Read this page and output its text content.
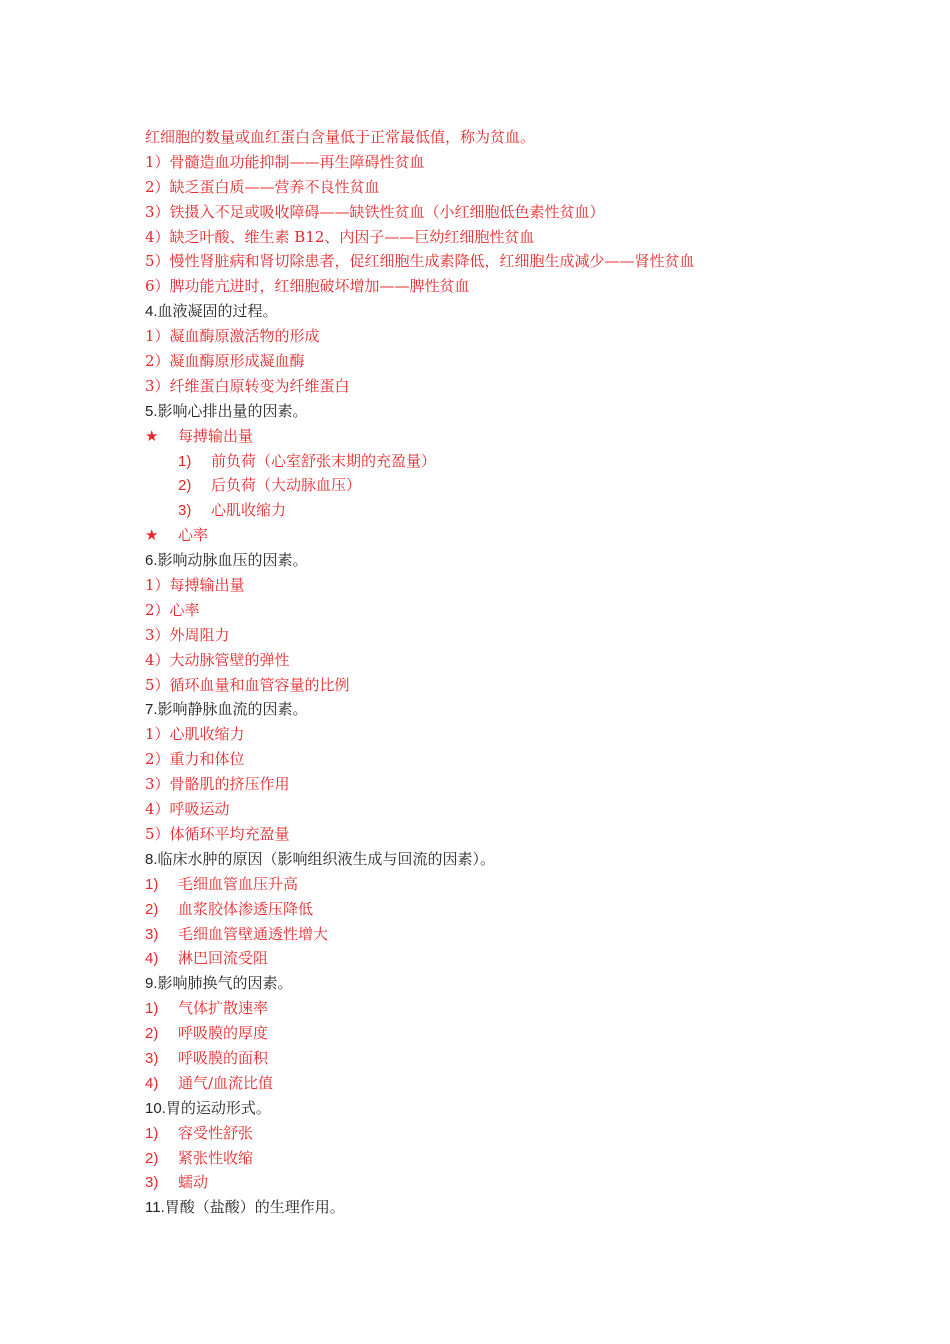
红细胞的数量或血红蛋白含量低于正常最低值，称为贫血。
1）骨髓造血功能抑制——再生障碍性贫血
2）缺乏蛋白质——营养不良性贫血
3）铁摄入不足或吸收障碍——缺铁性贫血（小红细胞低色素性贫血）
4）缺乏叶酸、维生素 B12、内因子——巨幼红细胞性贫血
5）慢性肾脏病和肾切除患者，促红细胞生成素降低，红细胞生成减少——肾性贫血
6）脾功能亢进时，红细胞破坏增加——脾性贫血
4.血液凝固的过程。
1）凝血酶原激活物的形成
2）凝血酶原形成凝血酶
3）纤维蛋白原转变为纤维蛋白
5.影响心排出量的因素。
★ 每搏输出量
1) 前负荷（心室舒张末期的充盈量）
2) 后负荷（大动脉血压）
3) 心肌收缩力
★ 心率
6.影响动脉血压的因素。
1）每搏输出量
2）心率
3）外周阻力
4）大动脉管壁的弹性
5）循环血量和血管容量的比例
7.影响静脉血流的因素。
1）心肌收缩力
2）重力和体位
3）骨骼肌的挤压作用
4）呼吸运动
5）体循环平均充盈量
8.临床水肿的原因（影响组织液生成与回流的因素）。
1) 毛细血管血压升高
2) 血浆胶体渗透压降低
3) 毛细血管壁通透性增大
4) 淋巴回流受阻
9.影响肺换气的因素。
1) 气体扩散速率
2) 呼吸膜的厚度
3) 呼吸膜的面积
4) 通气/血流比值
10.胃的运动形式。
1) 容受性舒张
2) 紧张性收缩
3) 蠕动
11.胃酸（盐酸）的生理作用。
